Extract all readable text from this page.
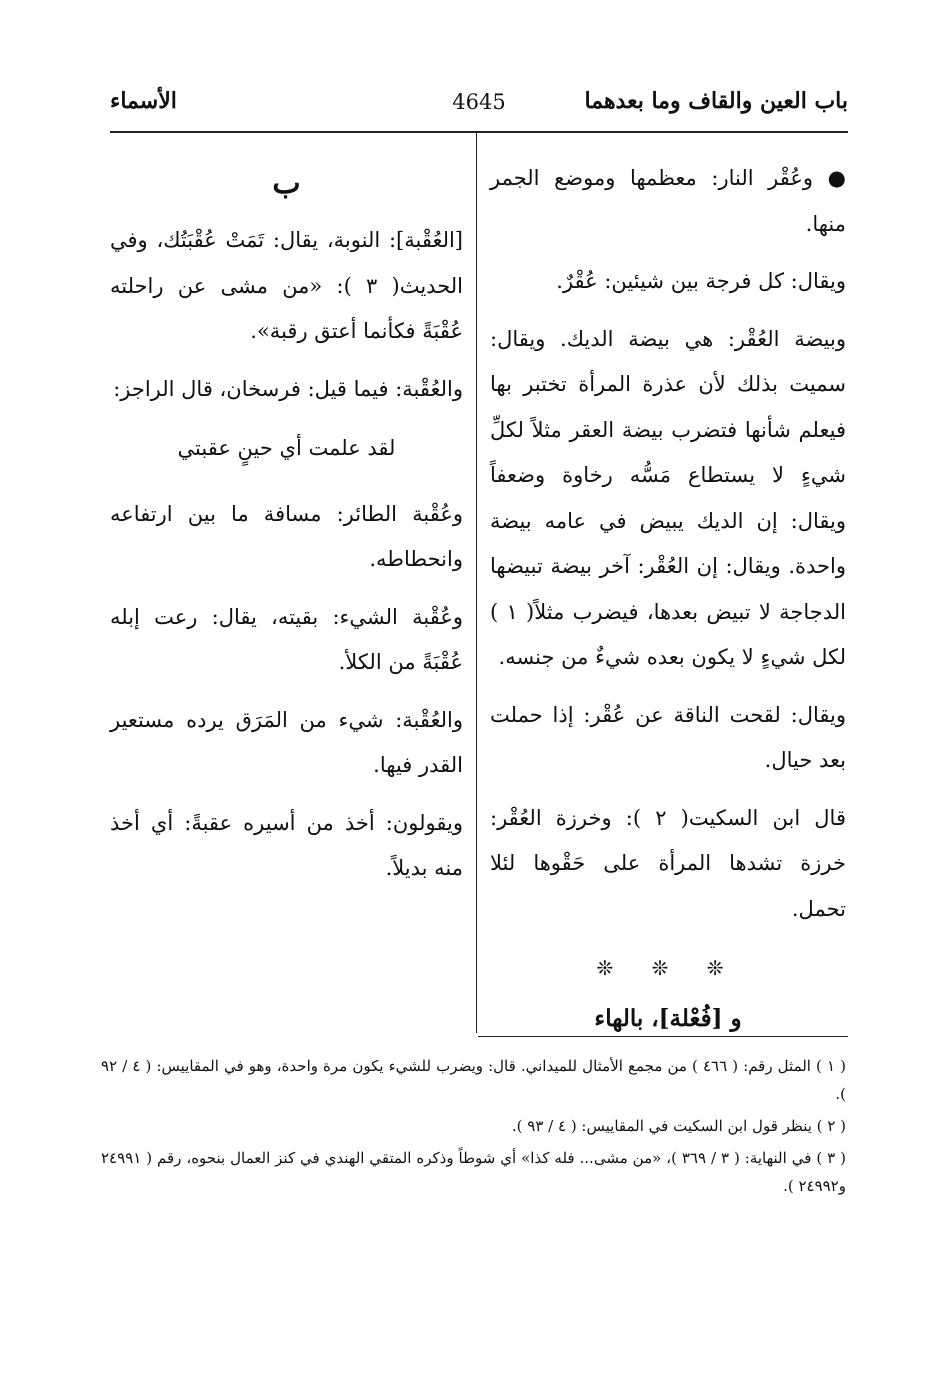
باب العين والقاف وما بعدهما
4645
الأسماء

● وعُقْر النار: معظمها وموضع الجمر منها.

ويقال: كل فرجة بين شيئين: عُقْرٌ.

وبيضة العُقْر: هي بيضة الديك. ويقال: سميت بذلك لأن عذرة المرأة تختبر بها فيعلم شأنها فتضرب بيضة العقر مثلاً لكلِّ شيءٍ لا يستطاع مَسُّه رخاوة وضعفاً ويقال: إن الديك يبيض في عامه بيضة واحدة. ويقال: إن العُقْر: آخر بيضة تبيضها الدجاجة لا تبيض بعدها، فيضرب مثلاً( ١ ) لكل شيءٍ لا يكون بعده شيءٌ من جنسه.

ويقال: لقحت الناقة عن عُقْر: إذا حملت بعد حيال.

قال ابن السكيت( ٢ ): وخرزة العُقْر: خرزة تشدها المرأة على حَقْوها لئلا تحمل.

❊ ❊ ❊
و [فُعْلة]، بالهاء
ب

[العُقْبة]: النوبة، يقال: تَمَتْ عُقْبَتُك، وفي الحديث( ٣ ): «من مشى عن راحلته عُقْبَةً فكأنما أعتق رقبة».

والعُقْبة: فيما قيل: فرسخان، قال الراجز:

لقد علمت أي حينٍ عقبتي

وعُقْبة الطائر: مسافة ما بين ارتفاعه وانحطاطه.

وعُقْبة الشيء: بقيته، يقال: رعت إبله عُقْبَةً من الكلأ.

والعُقْبة: شيء من المَرَق يرده مستعير القدر فيها.

ويقولون: أخذ من أسيره عقبةً: أي أخذ منه بديلاً.

( ١ ) المثل رقم: ( ٤٦٦ ) من مجمع الأمثال للميداني. قال: ويضرب للشيء يكون مرة واحدة، وهو في المقاييس: ( ٤ / ٩٢ ).

( ٢ ) ينظر قول ابن السكيت في المقاييس: ( ٤ / ٩٣ ).

( ٣ ) في النهاية: ( ٣ / ٣٦٩ )، «من مشى... فله كذا» أي شوطاً وذكره المتقي الهندي في كنز العمال بنحوه، رقم ( ٢٤٩٩١ و٢٤٩٩٢ ).
